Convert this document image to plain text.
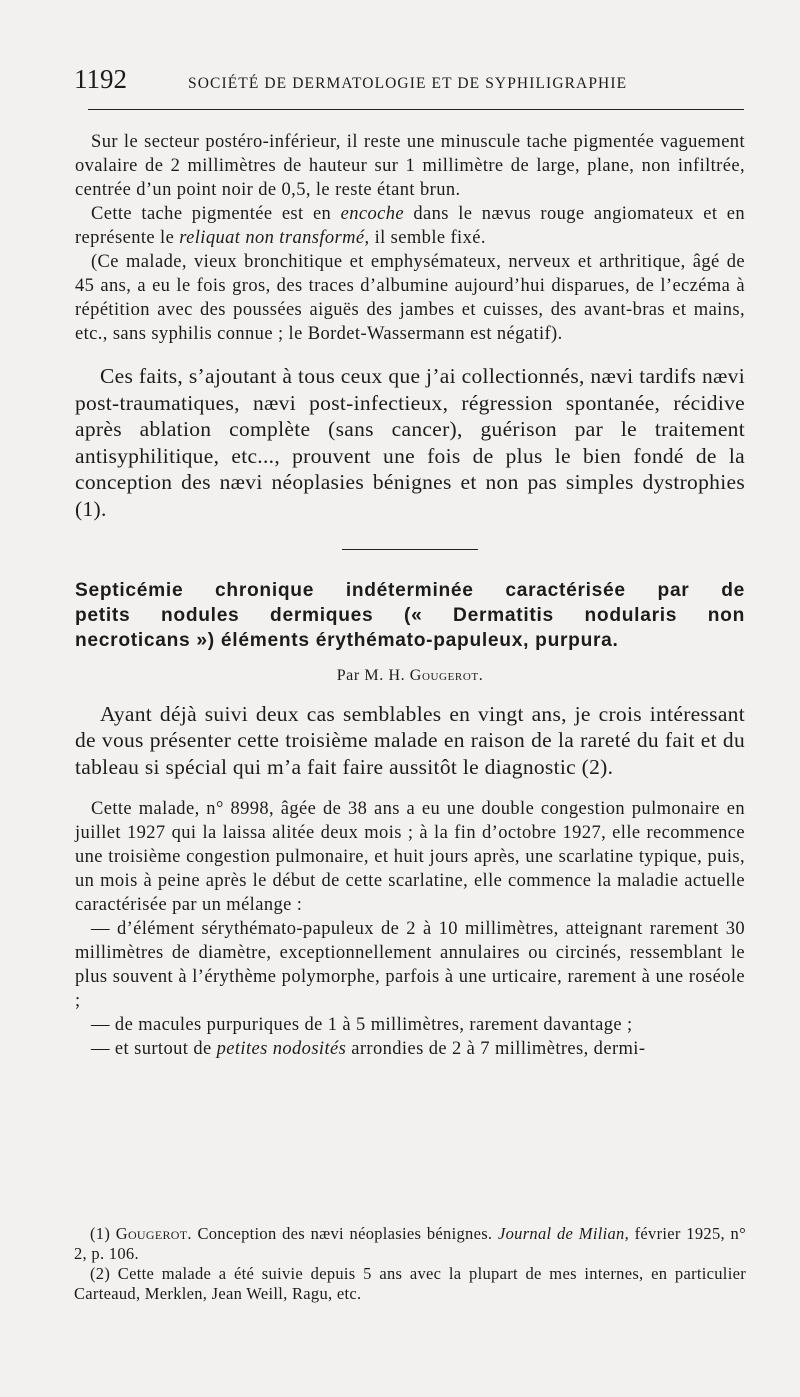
1192	SOCIÉTÉ DE DERMATOLOGIE ET DE SYPHILIGRAPHIE

Sur le secteur postéro-inférieur, il reste une minuscule tache pigmentée vaguement ovalaire de 2 millimètres de hauteur sur 1 millimètre de large, plane, non infiltrée, centrée d’un point noir de 0,5, le reste étant brun.

Cette tache pigmentée est en encoche dans le nævus rouge angiomateux et en représente le reliquat non transformé, il semble fixé.

(Ce malade, vieux bronchitique et emphysémateux, nerveux et arthritique, âgé de 45 ans, a eu le fois gros, des traces d’albumine aujourd’hui disparues, de l’eczéma à répétition avec des poussées aiguës des jambes et cuisses, des avant-bras et mains, etc., sans syphilis connue ; le Bordet-Wassermann est négatif).

Ces faits, s’ajoutant à tous ceux que j’ai collectionnés, nævi tardifs nævi post-traumatiques, nævi post-infectieux, régression spontanée, récidive après ablation complète (sans cancer), guérison par le traitement antisyphilitique, etc..., prouvent une fois de plus le bien fondé de la conception des nævi néoplasies bénignes et non pas simples dystrophies (1).

Septicémie chronique indéterminée caractérisée par de
petits nodules dermiques (« Dermatitis nodularis non
necroticans ») éléments érythémato-papuleux, purpura.
Par M. H. Gougerot.

Ayant déjà suivi deux cas semblables en vingt ans, je crois intéressant de vous présenter cette troisième malade en raison de la rareté du fait et du tableau si spécial qui m’a fait faire aussitôt le diagnostic (2).

Cette malade, n° 8998, âgée de 38 ans a eu une double congestion pulmonaire en juillet 1927 qui la laissa alitée deux mois ; à la fin d’octobre 1927, elle recommence une troisième congestion pulmonaire, et huit jours après, une scarlatine typique, puis, un mois à peine après le début de cette scarlatine, elle commence la maladie actuelle caractérisée par un mélange :

— d’élément sérythémato-papuleux de 2 à 10 millimètres, atteignant rarement 30 millimètres de diamètre, exceptionnellement annulaires ou circinés, ressemblant le plus souvent à l’érythème polymorphe, parfois à une urticaire, rarement à une roséole ;

— de macules purpuriques de 1 à 5 millimètres, rarement davantage ;

— et surtout de petites nodosités arrondies de 2 à 7 millimètres, dermi-

(1) Gougerot. Conception des nævi néoplasies bénignes. Journal de Milian, février 1925, n° 2, p. 106.

(2) Cette malade a été suivie depuis 5 ans avec la plupart de mes internes, en particulier Carteaud, Merklen, Jean Weill, Ragu, etc.
